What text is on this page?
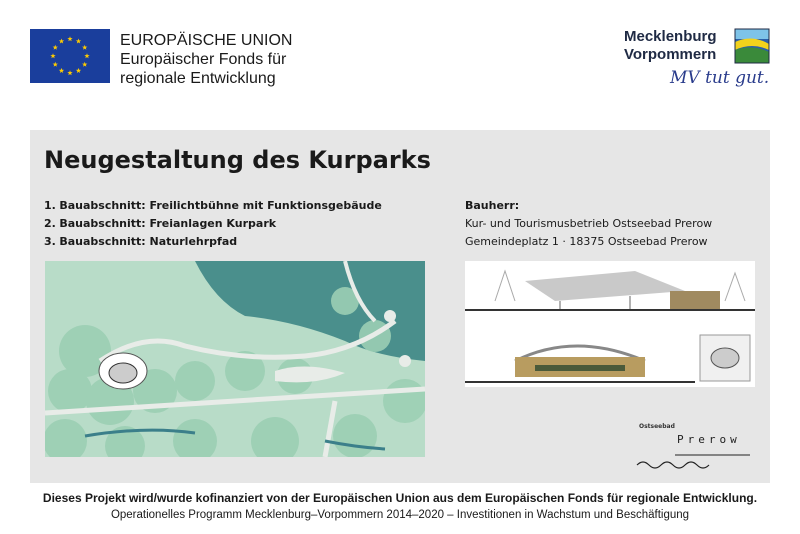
EUROPÄISCHE UNION
Europäischer Fonds für
regionale Entwicklung
Mecklenburg
Vorpommern
MV tut gut.
Neugestaltung des Kurparks
1. Bauabschnitt: Freilichtbühne mit Funktionsgebäude
2. Bauabschnitt: Freianlagen Kurpark
3. Bauabschnitt: Naturlehrpfad
Bauherr:
Kur- und Tourismusbetrieb Ostseebad Prerow
Gemeindeplatz 1 · 18375 Ostseebad Prerow
Ostseebad
Prerow
Dieses Projekt wird/wurde kofinanziert von der Europäischen Union aus dem Europäischen Fonds für regionale Entwicklung.
Operationelles Programm Mecklenburg–Vorpommern 2014–2020 – Investitionen in Wachstum und Beschäftigung
